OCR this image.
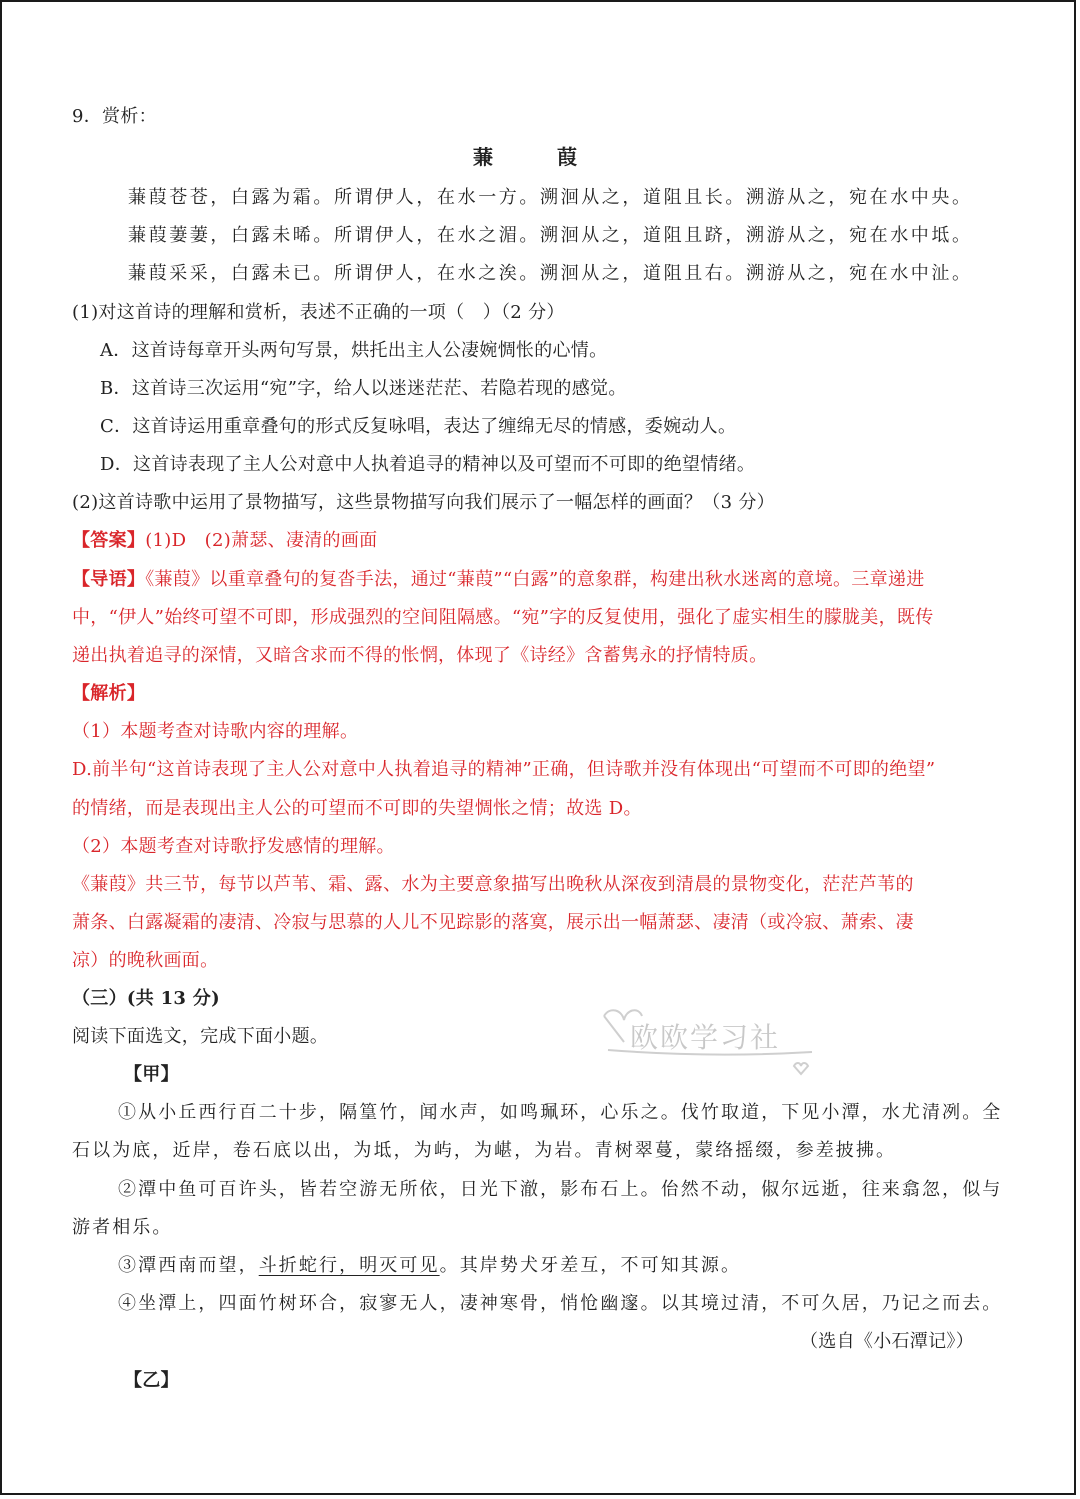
9．赏析：
蒹	葭
蒹葭苍苍，白露为霜。所谓伊人，在水一方。溯洄从之，道阻且长。溯游从之，宛在水中央。
蒹葭萋萋，白露未晞。所谓伊人，在水之湄。溯洄从之，道阻且跻，溯游从之，宛在水中坻。
蒹葭采采，白露未已。所谓伊人，在水之涘。溯洄从之，道阻且右。溯游从之，宛在水中沚。
(1)对这首诗的理解和赏析，表述不正确的一项（　）（2 分）
A．这首诗每章开头两句写景，烘托出主人公凄婉惆怅的心情。
B．这首诗三次运用“宛”字，给人以迷迷茫茫、若隐若现的感觉。
C．这首诗运用重章叠句的形式反复咏唱，表达了缠绵无尽的情感，委婉动人。
D．这首诗表现了主人公对意中人执着追寻的精神以及可望而不可即的绝望情绪。
(2)这首诗歌中运用了景物描写，这些景物描写向我们展示了一幅怎样的画面？（3 分）
【答案】(1)D　(2)萧瑟、凄清的画面
【导语】《蒹葭》以重章叠句的复沓手法，通过“蒹葭”“白露”的意象群，构建出秋水迷离的意境。三章递进
中，“伊人”始终可望不可即，形成强烈的空间阻隔感。“宛”字的反复使用，强化了虚实相生的朦胧美，既传
递出执着追寻的深情，又暗含求而不得的怅惘，体现了《诗经》含蓄隽永的抒情特质。
【解析】
（1）本题考查对诗歌内容的理解。
D.前半句“这首诗表现了主人公对意中人执着追寻的精神”正确，但诗歌并没有体现出“可望而不可即的绝望”
的情绪，而是表现出主人公的可望而不可即的失望惆怅之情；故选 D。
（2）本题考查对诗歌抒发感情的理解。
《蒹葭》共三节，每节以芦苇、霜、露、水为主要意象描写出晚秋从深夜到清晨的景物变化，茫茫芦苇的
萧条、白露凝霜的凄清、冷寂与思慕的人儿不见踪影的落寞，展示出一幅萧瑟、凄清（或冷寂、萧索、凄
凉）的晚秋画面。
（三）(共 13 分)
阅读下面选文，完成下面小题。
【甲】
①从小丘西行百二十步，隔篁竹，闻水声，如鸣珮环，心乐之。伐竹取道，下见小潭，水尤清冽。全
石以为底，近岸，卷石底以出，为坻，为屿，为嵁，为岩。青树翠蔓，蒙络摇缀，参差披拂。
②潭中鱼可百许头，皆若空游无所依，日光下澈，影布石上。佁然不动，俶尔远逝，往来翕忽，似与
游者相乐。
③潭西南而望，斗折蛇行，明灭可见。其岸势犬牙差互，不可知其源。
④坐潭上，四面竹树环合，寂寥无人，凄神寒骨，悄怆幽邃。以其境过清，不可久居，乃记之而去。
（选自《小石潭记》）
【乙】
欧欧学习社
